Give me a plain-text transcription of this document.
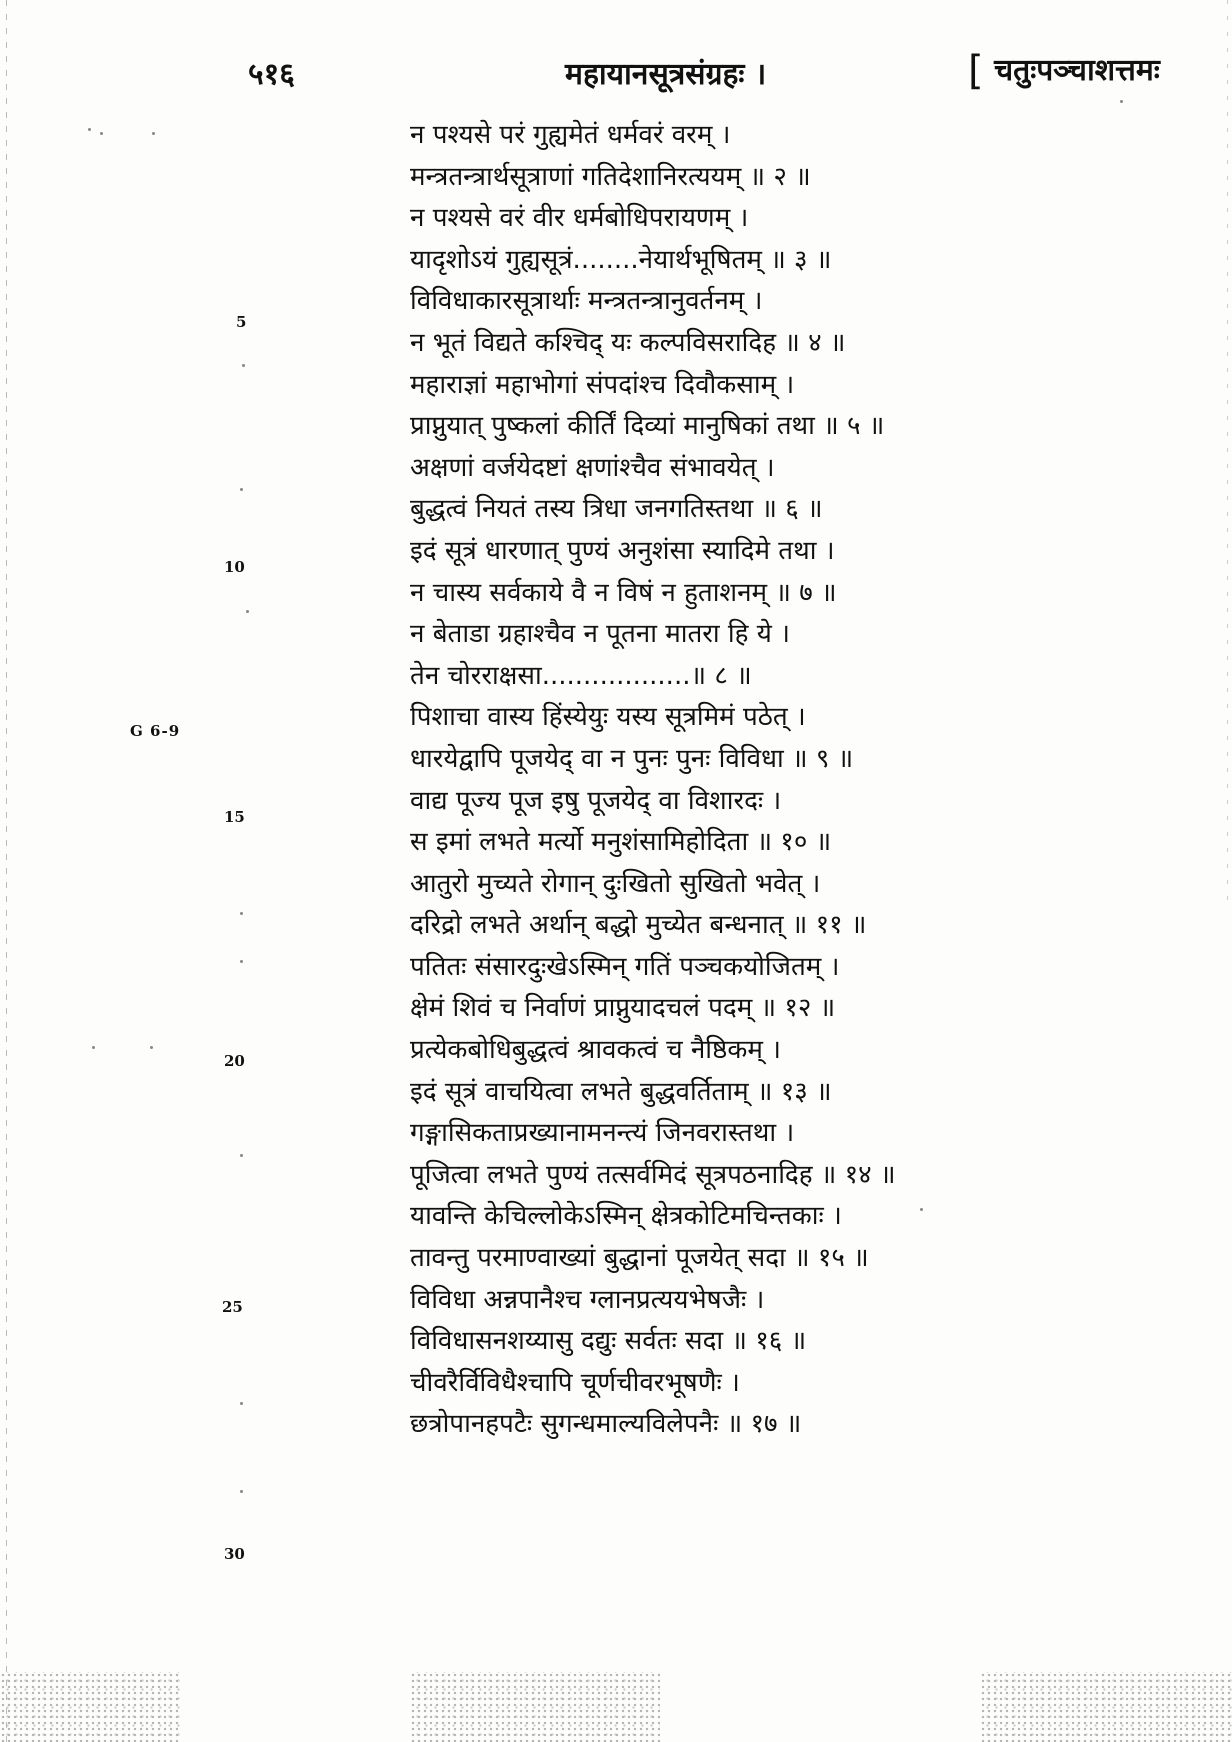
५१६	महायानसूत्रसंग्रहः ।	[ चतुःपञ्चाशत्तमः
5
10
15
20
25
30
G 6-9
न पश्यसे परं गुह्यमेतं धर्मवरं वरम् ।
मन्त्रतन्त्रार्थसूत्राणां गतिदेशानिरत्ययम् ॥ २ ॥
न पश्यसे वरं वीर धर्मबोधिपरायणम् ।
यादृशोऽयं गुह्यसूत्रं........नेयार्थभूषितम् ॥ ३ ॥
विविधाकारसूत्रार्थाः मन्त्रतन्त्रानुवर्तनम् ।
न भूतं विद्यते कश्चिद् यः कल्पविसरादिह ॥ ४ ॥
महाराज्ञां महाभोगां संपदांश्च दिवौकसाम् ।
प्राप्नुयात् पुष्कलां कीर्तिं दिव्यां मानुषिकां तथा ॥ ५ ॥
अक्षणां वर्जयेदष्टां क्षणांश्चैव संभावयेत् ।
बुद्धत्वं नियतं तस्य त्रिधा जनगतिस्तथा ॥ ६ ॥
इदं सूत्रं धारणात् पुण्यं अनुशंसा स्यादिमे तथा ।
न चास्य सर्वकाये वै न विषं न हुताशनम् ॥ ७ ॥
न बेताडा ग्रहाश्चैव न पूतना मातरा हि ये ।
तेन चोरराक्षसा..................॥ ८ ॥
पिशाचा वास्य हिंस्येयुः यस्य सूत्रमिमं पठेत् ।
धारयेद्वापि पूजयेद् वा न पुनः पुनः विविधा ॥ ९ ॥
वाद्य पूज्य पूज इषु पूजयेद् वा विशारदः ।
स इमां लभते मर्त्यो मनुशंसामिहोदिता ॥ १० ॥
आतुरो मुच्यते रोगान् दुःखितो सुखितो भवेत् ।
दरिद्रो लभते अर्थान् बद्धो मुच्येत बन्धनात् ॥ ११ ॥
पतितः संसारदुःखेऽस्मिन् गतिं पञ्चकयोजितम् ।
क्षेमं शिवं च निर्वाणं प्राप्नुयादचलं पदम् ॥ १२ ॥
प्रत्येकबोधिबुद्धत्वं श्रावकत्वं च नैष्ठिकम् ।
इदं सूत्रं वाचयित्वा लभते बुद्धवर्तिताम् ॥ १३ ॥
गङ्गासिकताप्रख्यानामनन्त्यं जिनवरास्तथा ।
पूजित्वा लभते पुण्यं तत्सर्वमिदं सूत्रपठनादिह ॥ १४ ॥
यावन्ति केचिल्लोकेऽस्मिन् क्षेत्रकोटिमचिन्तकाः ।
तावन्तु परमाण्वाख्यां बुद्धानां पूजयेत् सदा ॥ १५ ॥
विविधा अन्नपानैश्च ग्लानप्रत्ययभेषजैः ।
विविधासनशय्यासु दद्युः सर्वतः सदा ॥ १६ ॥
चीवरैर्विविधैश्चापि चूर्णचीवरभूषणैः ।
छत्रोपानहपटैः सुगन्धमाल्यविलेपनैः ॥ १७ ॥
